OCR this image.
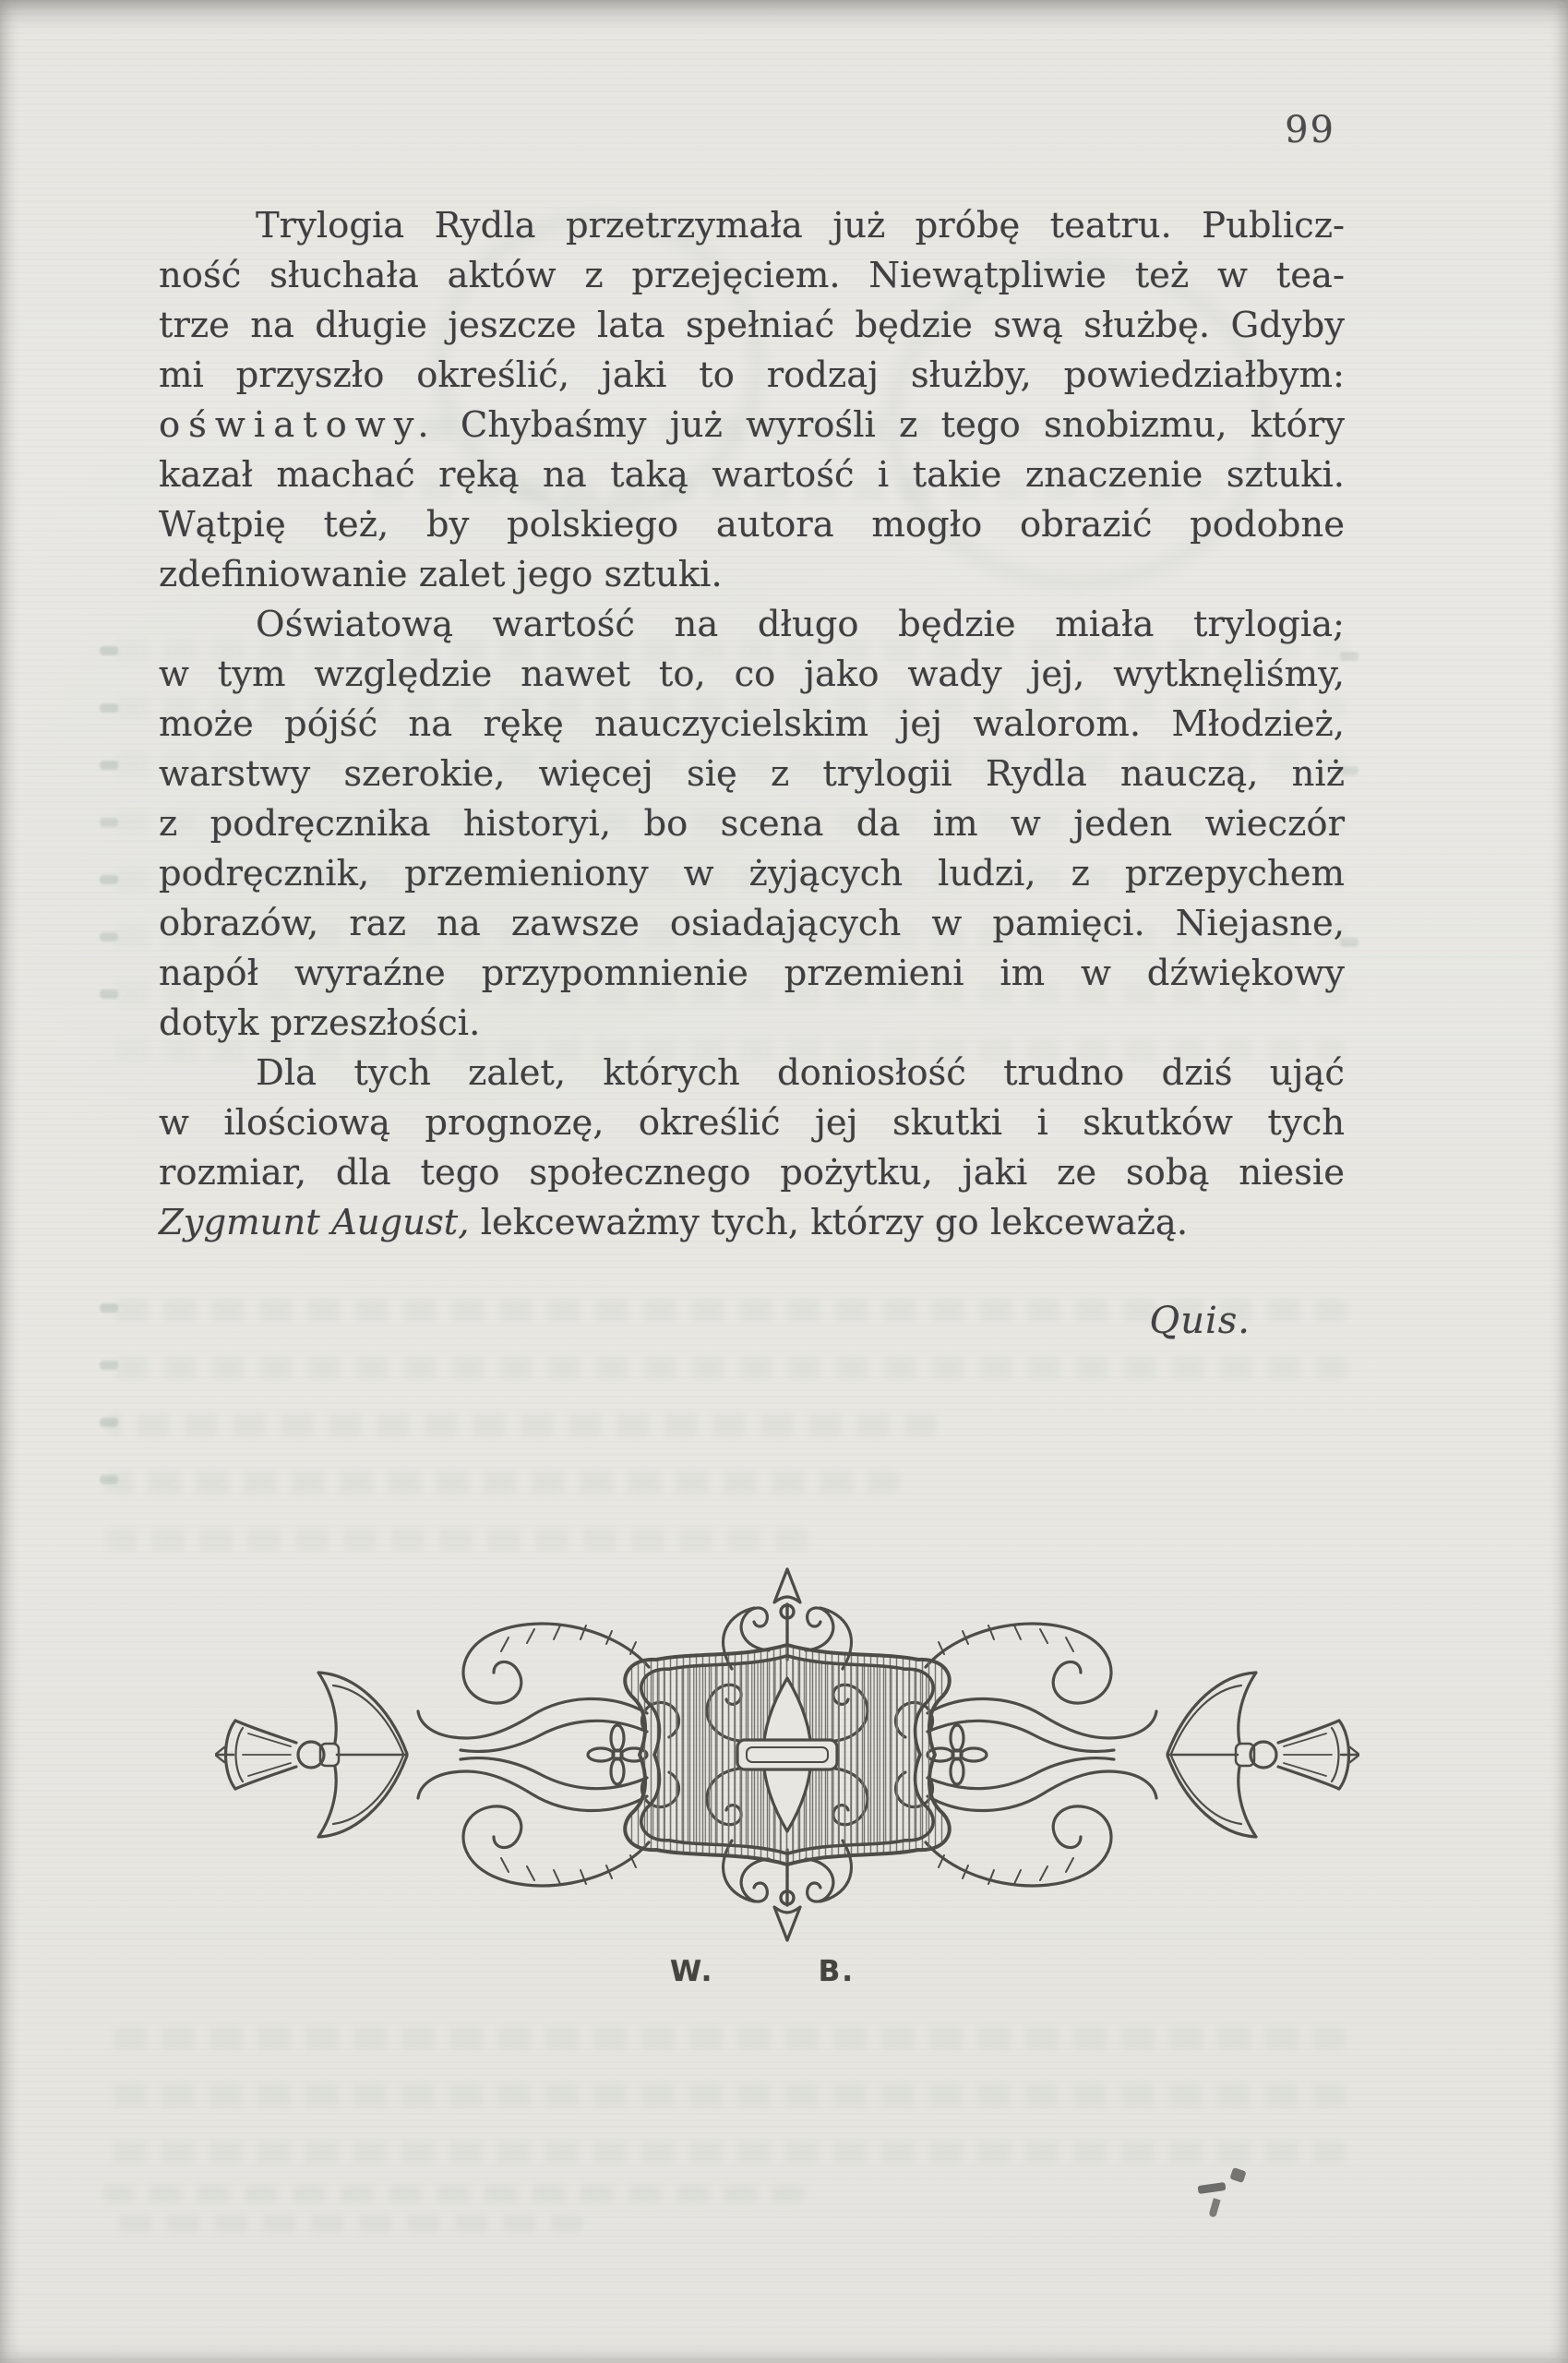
99
Trylogia Rydla przetrzymała już próbę teatru. Publicz-
ność słuchała aktów z przejęciem. Niewątpliwie też w tea-
trze na długie jeszcze lata spełniać będzie swą służbę. Gdyby
mi przyszło określić, jaki to rodzaj służby, powiedziałbym:
oświatowy. Chybaśmy już wyrośli z tego snobizmu, który
kazał machać ręką na taką wartość i takie znaczenie sztuki.
Wątpię też, by polskiego autora mogło obrazić podobne
zdefiniowanie zalet jego sztuki.
Oświatową wartość na długo będzie miała trylogia;
w tym względzie nawet to, co jako wady jej, wytknęliśmy,
może pójść na rękę nauczycielskim jej walorom. Młodzież,
warstwy szerokie, więcej się z trylogii Rydla nauczą, niż
z podręcznika historyi, bo scena da im w jeden wieczór
podręcznik, przemieniony w żyjących ludzi, z przepychem
obrazów, raz na zawsze osiadających w pamięci. Niejasne,
napół wyraźne przypomnienie przemieni im w dźwiękowy
dotyk przeszłości.
Dla tych zalet, których doniosłość trudno dziś ująć
w ilościową prognozę, określić jej skutki i skutków tych
rozmiar, dla tego społecznego pożytku, jaki ze sobą niesie
Zygmunt August, lekceważmy tych, którzy go lekceważą.
Quis.
W.	B.
